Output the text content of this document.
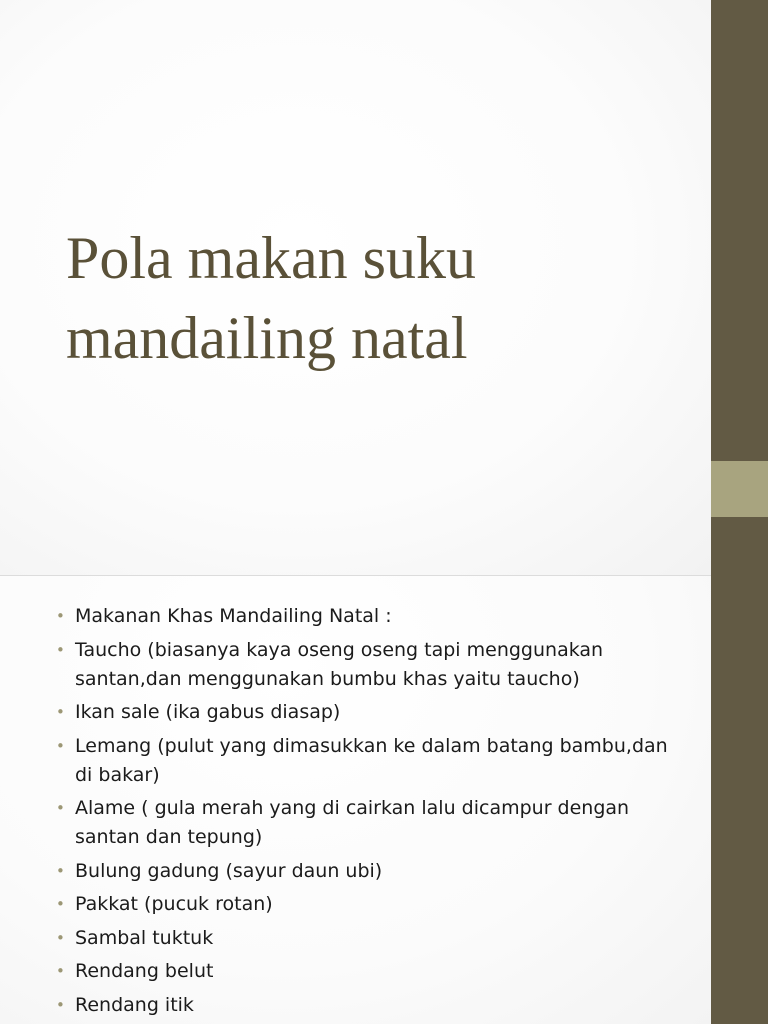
Pola makan suku
mandailing natal
• Makanan Khas Mandailing Natal :
• Taucho (biasanya kaya oseng oseng tapi menggunakan santan,dan menggunakan bumbu khas yaitu taucho)
• Ikan sale (ika gabus diasap)
• Lemang (pulut yang dimasukkan ke dalam batang bambu,dan di bakar)
• Alame ( gula merah yang di cairkan lalu dicampur dengan santan dan tepung)
• Bulung gadung (sayur daun ubi)
• Pakkat (pucuk rotan)
• Sambal tuktuk
• Rendang belut
• Rendang itik
